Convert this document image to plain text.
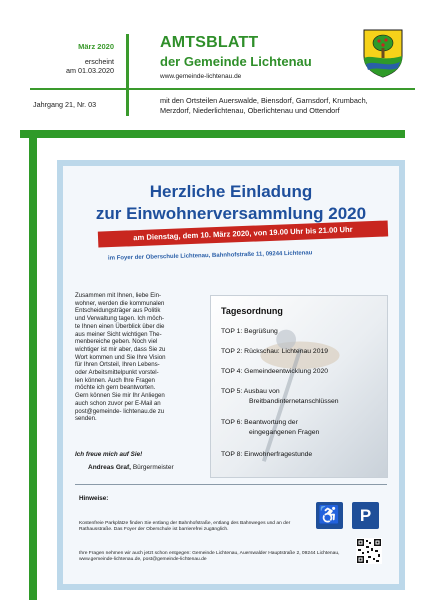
März 2020
erscheint
am 01.03.2020
AMTSBLATT
der Gemeinde Lichtenau
www.gemeinde-lichtenau.de
Jahrgang 21, Nr. 03	mit den Ortsteilen Auerswalde, Biensdorf, Garnsdorf, Krumbach,
Merzdorf, Niederlichtenau, Oberlichtenau und Ottendorf
Herzliche Einladung
zur Einwohnerversammlung 2020
am Dienstag, dem 10. März 2020, von 19.00 Uhr bis 21.00 Uhr
im Foyer der Oberschule Lichtenau, Bahnhofstraße 11, 09244 Lichtenau
Zusammen mit Ihnen, liebe Ein-
wohner, werden die kommunalen
Entscheidungsträger aus Politik
und Verwaltung tagen. Ich möch-
te Ihnen einen Überblick über die
aus meiner Sicht wichtigen The-
menbereiche geben. Noch viel
wichtiger ist mir aber, dass Sie zu
Wort kommen und Sie Ihre Vision
für Ihren Ortsteil, Ihren Lebens-
oder Arbeitsmittelpunkt vorstel-
len können. Auch Ihre Fragen
möchte ich gern beantworten.
Gern können Sie mir Ihr Anliegen
auch schon zuvor per E-Mail an
post@gemeinde- lichtenau.de zu
senden.
Ich freue mich auf Sie!
Andreas Graf, Bürgermeister
Tagesordnung
TOP 1: Begrüßung
TOP 2: Rückschau: Lichtenau 2019
TOP 4: Gemeindeentwicklung 2020
TOP 5: Ausbau von
Breitbandinternetanschlüssen
TOP 6: Beantwortung der
eingegangenen Fragen
TOP 8: Einwohnerfragestunde
Hinweise:
Kostenfreie Parkplätze finden Sie entlang der Bahnhofstraße, entlang des Bahnweges und an der Rathausstraße. Das Foyer der Oberschule ist barrierefrei zugänglich.
Ihre Fragen nehmen wir auch jetzt schon entgegen: Gemeinde Lichtenau, Auerswalder Hauptstraße 2, 09244 Lichtenau, www.gemeinde-lichtenau.de, post@gemeinde-lichtenau.de
♿	P
